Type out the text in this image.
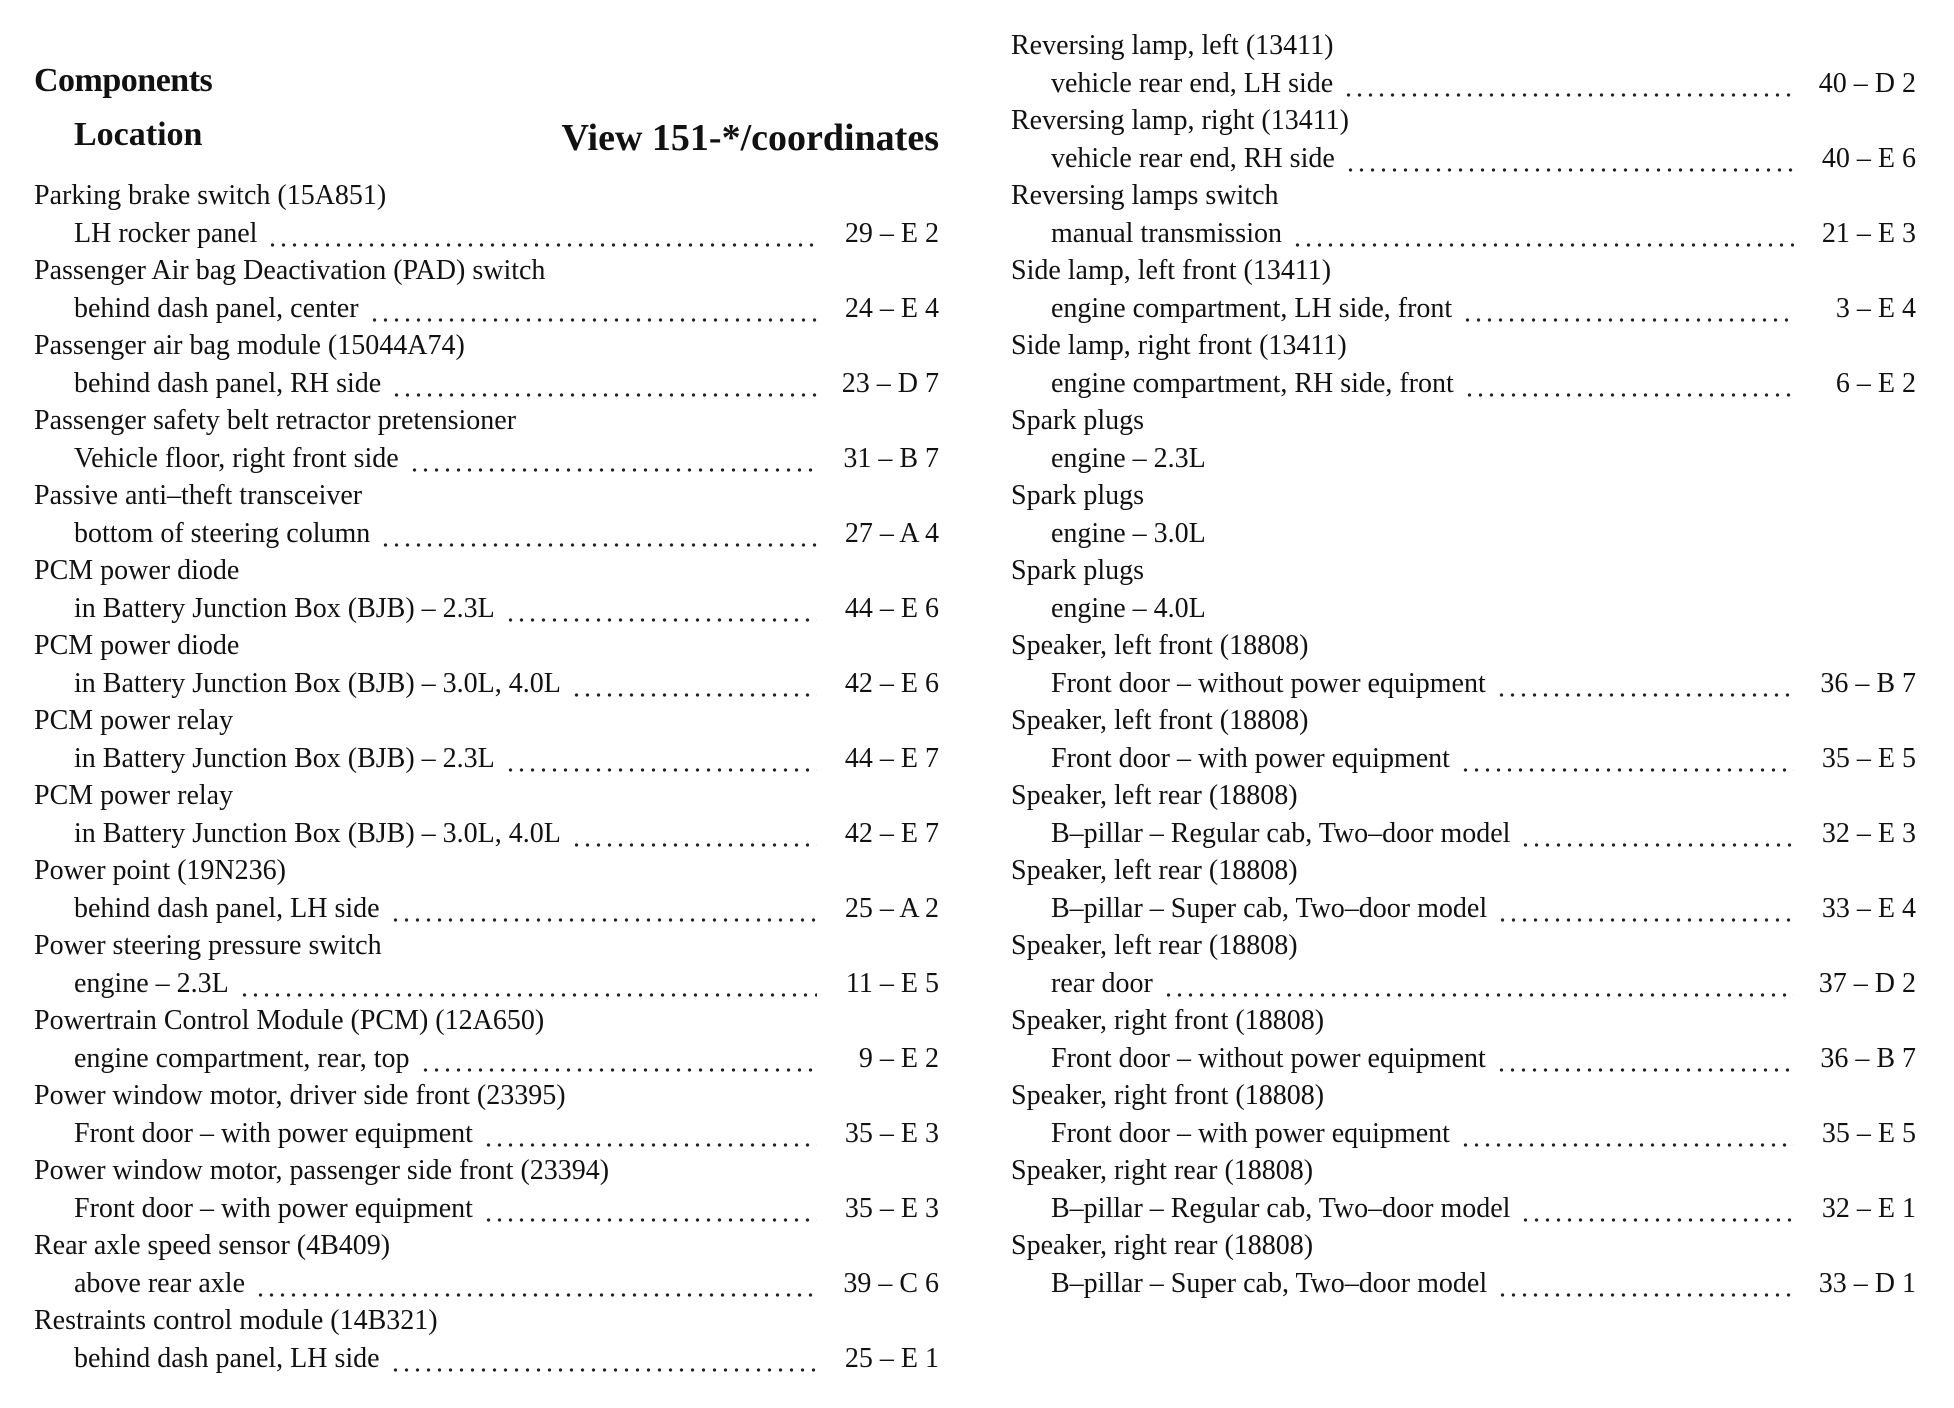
Components
Location	View 151-*/coordinates
Parking brake switch (15A851)
LH rocker panel	29 – E 2
Passenger Air bag Deactivation (PAD) switch
behind dash panel, center	24 – E 4
Passenger air bag module (15044A74)
behind dash panel, RH side	23 – D 7
Passenger safety belt retractor pretensioner
Vehicle floor, right front side	31 – B 7
Passive anti–theft transceiver
bottom of steering column	27 – A 4
PCM power diode
in Battery Junction Box (BJB) – 2.3L	44 – E 6
PCM power diode
in Battery Junction Box (BJB) – 3.0L, 4.0L	42 – E 6
PCM power relay
in Battery Junction Box (BJB) – 2.3L	44 – E 7
PCM power relay
in Battery Junction Box (BJB) – 3.0L, 4.0L	42 – E 7
Power point (19N236)
behind dash panel, LH side	25 – A 2
Power steering pressure switch
engine – 2.3L	11 – E 5
Powertrain Control Module (PCM) (12A650)
engine compartment, rear, top	9 – E 2
Power window motor, driver side front (23395)
Front door – with power equipment	35 – E 3
Power window motor, passenger side front (23394)
Front door – with power equipment	35 – E 3
Rear axle speed sensor (4B409)
above rear axle	39 – C 6
Restraints control module (14B321)
behind dash panel, LH side	25 – E 1
Reversing lamp, left (13411)
vehicle rear end, LH side	40 – D 2
Reversing lamp, right (13411)
vehicle rear end, RH side	40 – E 6
Reversing lamps switch
manual transmission	21 – E 3
Side lamp, left front (13411)
engine compartment, LH side, front	3 – E 4
Side lamp, right front (13411)
engine compartment, RH side, front	6 – E 2
Spark plugs
engine – 2.3L
Spark plugs
engine – 3.0L
Spark plugs
engine – 4.0L
Speaker, left front (18808)
Front door – without power equipment	36 – B 7
Speaker, left front (18808)
Front door – with power equipment	35 – E 5
Speaker, left rear (18808)
B–pillar – Regular cab, Two–door model	32 – E 3
Speaker, left rear (18808)
B–pillar – Super cab, Two–door model	33 – E 4
Speaker, left rear (18808)
rear door	37 – D 2
Speaker, right front (18808)
Front door – without power equipment	36 – B 7
Speaker, right front (18808)
Front door – with power equipment	35 – E 5
Speaker, right rear (18808)
B–pillar – Regular cab, Two–door model	32 – E 1
Speaker, right rear (18808)
B–pillar – Super cab, Two–door model	33 – D 1
